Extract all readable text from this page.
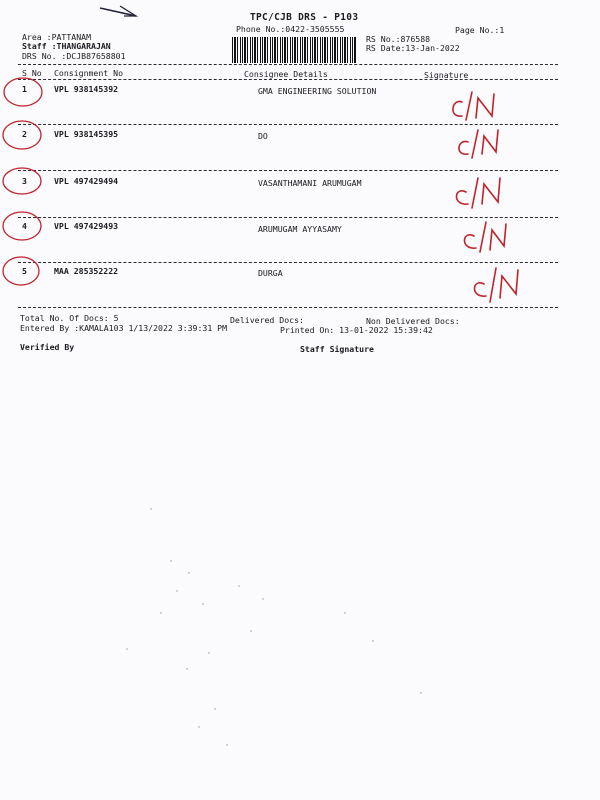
TPC/CJB DRS - P103
Phone No.:0422-3505555	Page No.:1
Area :PATTANAM
Staff :THANGARAJAN
DRS No. :DCJB87658801
RS No.:876588
RS Date:13-Jan-2022
S No Consignment No	Consignee Details	Signature
1	VPL 938145392	GMA ENGINEERING SOLUTION
2	VPL 938145395	DO
3	VPL 497429494	VASANTHAMANI ARUMUGAM
4	VPL 497429493	ARUMUGAM AYYASAMY
5	MAA 285352222	DURGA
Total No. Of Docs: 5	Delivered Docs:	Non Delivered Docs:
Entered By :KAMALA103 1/13/2022 3:39:31 PM	Printed On: 13-01-2022 15:39:42
Verified By	Staff Signature
